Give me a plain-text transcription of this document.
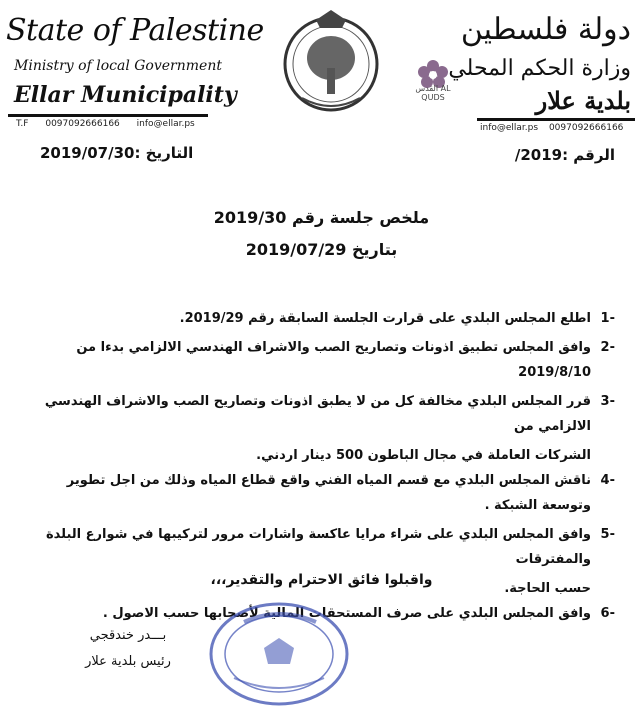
State of Palestine
Ministry of local Government
Ellar Municipality
T.F 0097092666166 info@ellar.ps
القدس AL QUDS
دولة فلسطين
وزارة الحكم المحلي
بلدية علار
info@ellar.ps 0097092666166
التاريخ :2019/07/30	الرقم :2019/
ملخص جلسة رقم 2019/30
بتاريخ 2019/07/29
-1
اطلع المجلس البلدي على قرارت الجلسة السابقة رقم 2019/29.
-2
وافق المجلس تطبيق اذونات وتصاريح الصب والاشراف الهندسي الالزامي بدءا من 2019/8/10
-3
قرر المجلس البلدي مخالفة كل من لا يطبق اذونات وتصاريح الصب والاشراف الهندسي الالزامي من
الشركات العاملة في مجال الباطون 500 دينار اردني.
-4
ناقش المجلس البلدي مع قسم المياه الفني واقع قطاع المياه وذلك من اجل تطوير وتوسعة الشبكة .
-5
وافق المجلس البلدي على شراء مرايا عاكسة واشارات مرور لتركيبها في شوارع البلدة والمفترقات
حسب الحاجة.
-6
وافق المجلس البلدي على صرف المستحقات المالية لأصحابها حسب الاصول .
واقبلوا فائق الاحترام والتقدير،،،
بـــدر خندقجي
رئيس بلدية علار
